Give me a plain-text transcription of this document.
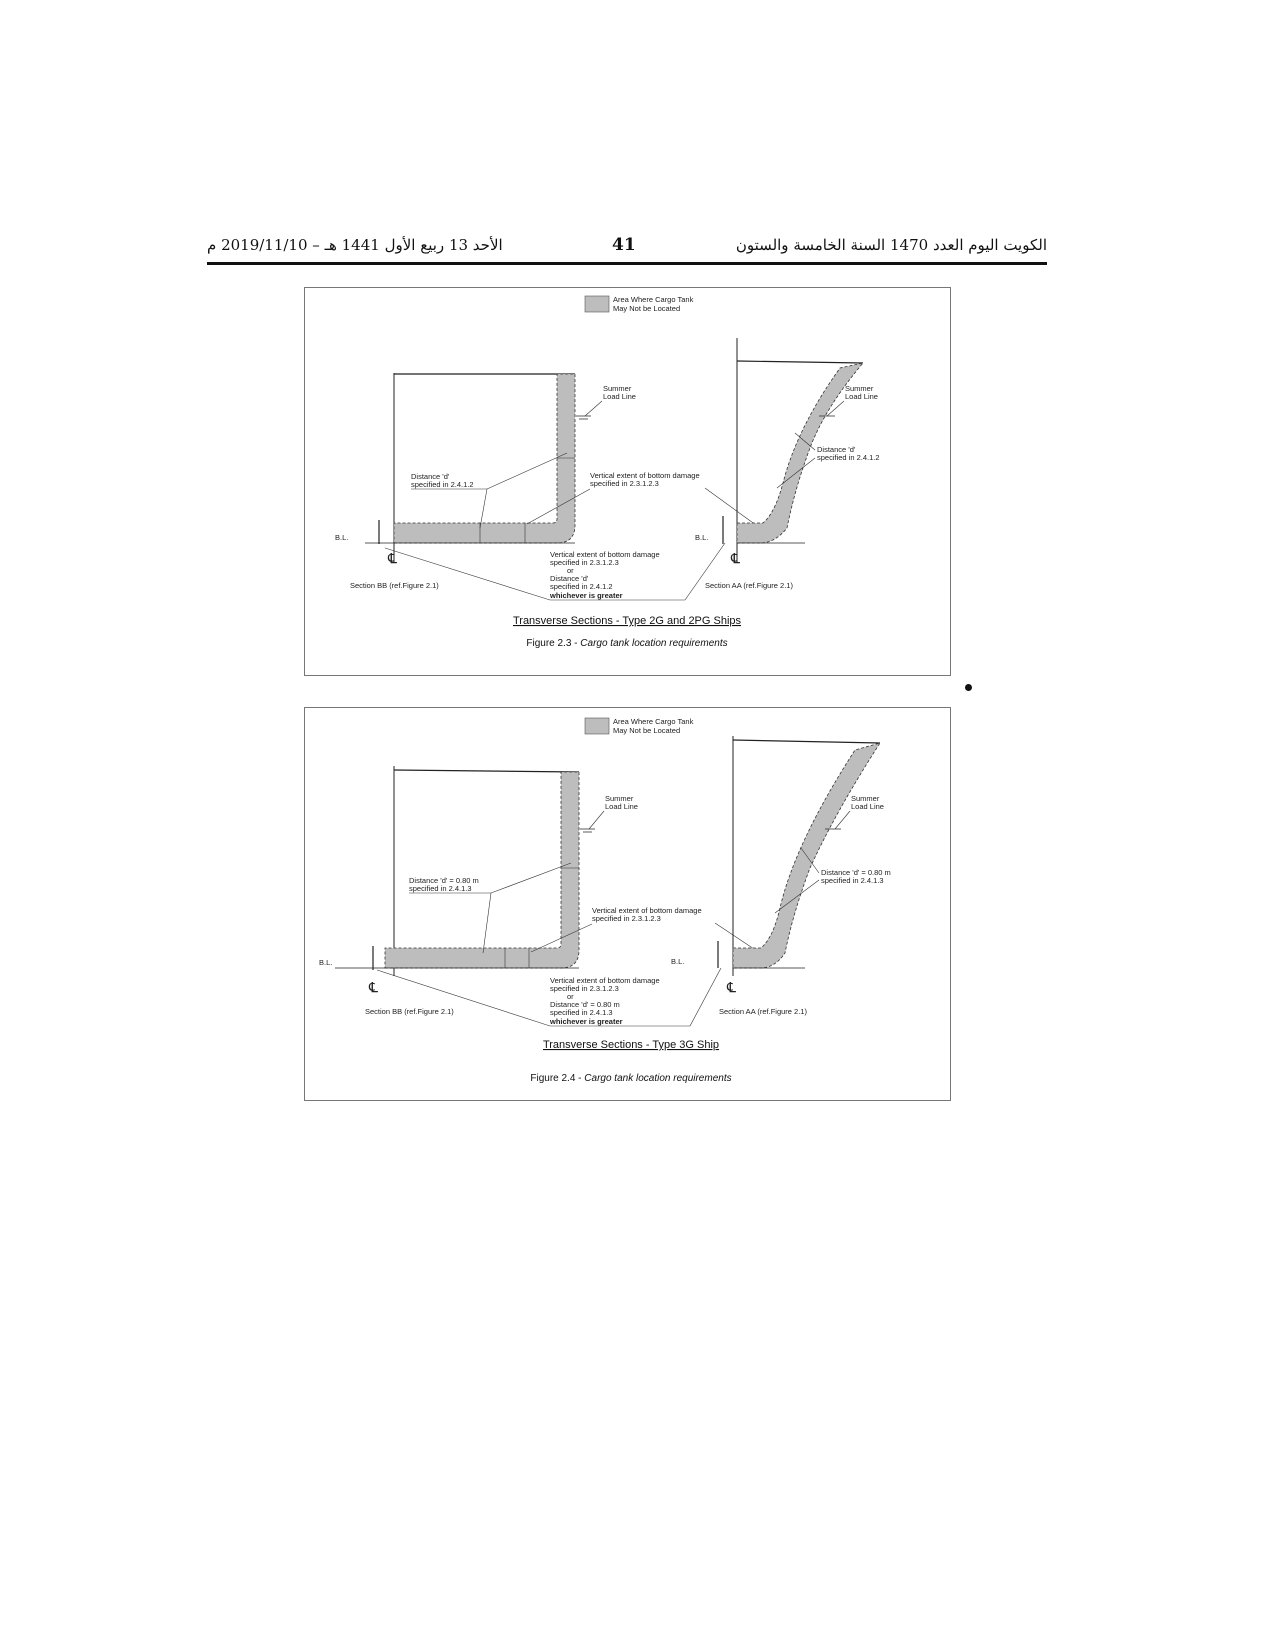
الكويت اليوم العدد 1470 السنة الخامسة والستون
41
الأحد 13 ربيع الأول 1441 هـ – 2019/11/10 م
Area Where Cargo Tank
May Not be Located
℄
B.L.
Summer
Load Line
Distance 'd'
specified in 2.4.1.2
Vertical extent of bottom damage
specified in 2.3.1.2.3
℄
B.L.
Summer
Load Line
Distance 'd'
specified in 2.4.1.2
Vertical extent of bottom damage
specified in 2.3.1.2.3
or
Distance 'd'
specified in 2.4.1.2
whichever is greater
Section BB (ref.Figure 2.1)	Section AA (ref.Figure 2.1)
Transverse Sections - Type 2G and 2PG Ships
Figure 2.3 - Cargo tank location requirements
Area Where Cargo Tank
May Not be Located
℄
B.L.
Summer
Load Line
Distance 'd' = 0.80 m
specified in 2.4.1.3
Vertical extent of bottom damage
specified in 2.3.1.2.3
℄
B.L.
Summer
Load Line
Distance 'd' = 0.80 m
specified in 2.4.1.3
Vertical extent of bottom damage
specified in 2.3.1.2.3
or
Distance 'd' = 0.80 m
specified in 2.4.1.3
whichever is greater
Section BB (ref.Figure 2.1)	Section AA (ref.Figure 2.1)
Transverse Sections - Type 3G Ship
Figure 2.4 - Cargo tank location requirements
